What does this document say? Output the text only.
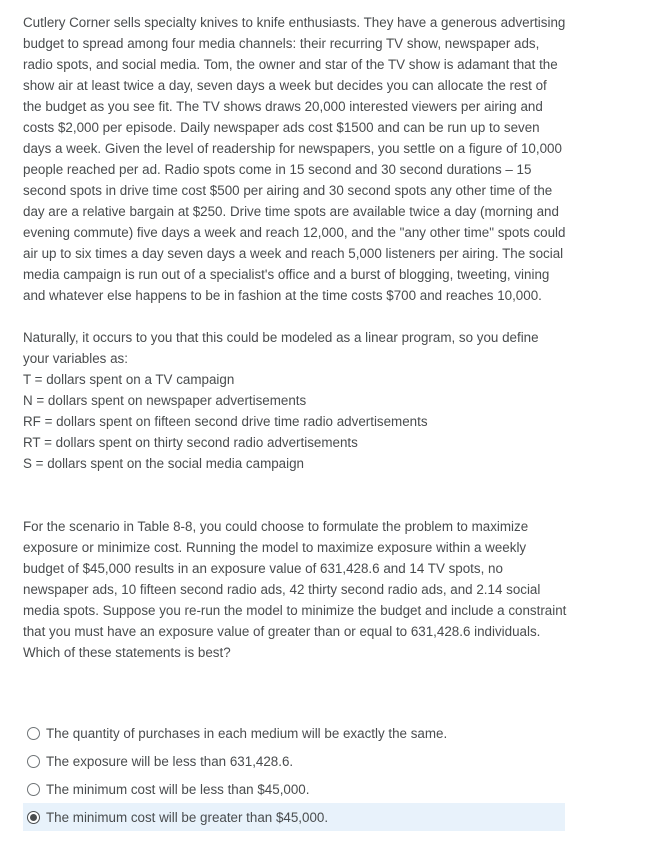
Cutlery Corner sells specialty knives to knife enthusiasts. They have a generous advertising budget to spread among four media channels: their recurring TV show, newspaper ads, radio spots, and social media. Tom, the owner and star of the TV show is adamant that the show air at least twice a day, seven days a week but decides you can allocate the rest of the budget as you see fit. The TV shows draws 20,000 interested viewers per airing and costs $2,000 per episode. Daily newspaper ads cost $1500 and can be run up to seven days a week. Given the level of readership for newspapers, you settle on a figure of 10,000 people reached per ad. Radio spots come in 15 second and 30 second durations – 15 second spots in drive time cost $500 per airing and 30 second spots any other time of the day are a relative bargain at $250. Drive time spots are available twice a day (morning and evening commute) five days a week and reach 12,000, and the "any other time" spots could air up to six times a day seven days a week and reach 5,000 listeners per airing. The social media campaign is run out of a specialist's office and a burst of blogging, tweeting, vining and whatever else happens to be in fashion at the time costs $700 and reaches 10,000.

Naturally, it occurs to you that this could be modeled as a linear program, so you define your variables as:

T = dollars spent on a TV campaign
N = dollars spent on newspaper advertisements
RF = dollars spent on fifteen second drive time radio advertisements
RT = dollars spent on thirty second radio advertisements
S = dollars spent on the social media campaign

For the scenario in Table 8-8, you could choose to formulate the problem to maximize exposure or minimize cost. Running the model to maximize exposure within a weekly budget of $45,000 results in an exposure value of 631,428.6 and 14 TV spots, no newspaper ads, 10 fifteen second radio ads, 42 thirty second radio ads, and 2.14 social media spots. Suppose you re-run the model to minimize the budget and include a constraint that you must have an exposure value of greater than or equal to 631,428.6 individuals. Which of these statements is best?

The quantity of purchases in each medium will be exactly the same.
The exposure will be less than 631,428.6.
The minimum cost will be less than $45,000.
The minimum cost will be greater than $45,000.
